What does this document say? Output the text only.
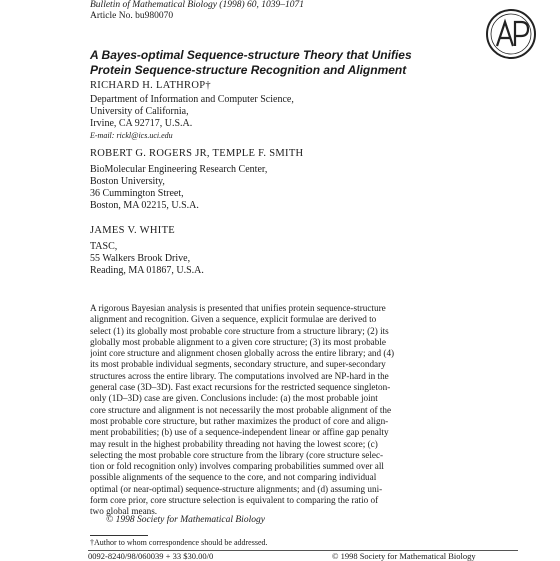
Bulletin of Mathematical Biology (1998) 60, 1039–1071
Article No. bu980070
A Bayes-optimal Sequence-structure Theory that Unifies
Protein Sequence-structure Recognition and Alignment
RICHARD H. LATHROP†
Department of Information and Computer Science,
University of California,
Irvine, CA 92717, U.S.A.
E-mail: rickl@ics.uci.edu
ROBERT G. ROGERS JR, TEMPLE F. SMITH
BioMolecular Engineering Research Center,
Boston University,
36 Cummington Street,
Boston, MA 02215, U.S.A.
JAMES V. WHITE
TASC,
55 Walkers Brook Drive,
Reading, MA 01867, U.S.A.
A rigorous Bayesian analysis is presented that unifies protein sequence-structure
alignment and recognition. Given a sequence, explicit formulae are derived to
select (1) its globally most probable core structure from a structure library; (2) its
globally most probable alignment to a given core structure; (3) its most probable
joint core structure and alignment chosen globally across the entire library; and (4)
its most probable individual segments, secondary structure, and super-secondary
structures across the entire library. The computations involved are NP-hard in the
general case (3D–3D). Fast exact recursions for the restricted sequence singleton-
only (1D–3D) case are given. Conclusions include: (a) the most probable joint
core structure and alignment is not necessarily the most probable alignment of the
most probable core structure, but rather maximizes the product of core and align-
ment probabilities; (b) use of a sequence-independent linear or affine gap penalty
may result in the highest probability threading not having the lowest score; (c)
selecting the most probable core structure from the library (core structure selec-
tion or fold recognition only) involves comparing probabilities summed over all
possible alignments of the sequence to the core, and not comparing individual
optimal (or near-optimal) sequence-structure alignments; and (d) assuming uni-
form core prior, core structure selection is equivalent to comparing the ratio of
two global means.
© 1998 Society for Mathematical Biology
†Author to whom correspondence should be addressed.
0092-8240/98/060039 + 33 $30.00/0	© 1998 Society for Mathematical Biology
